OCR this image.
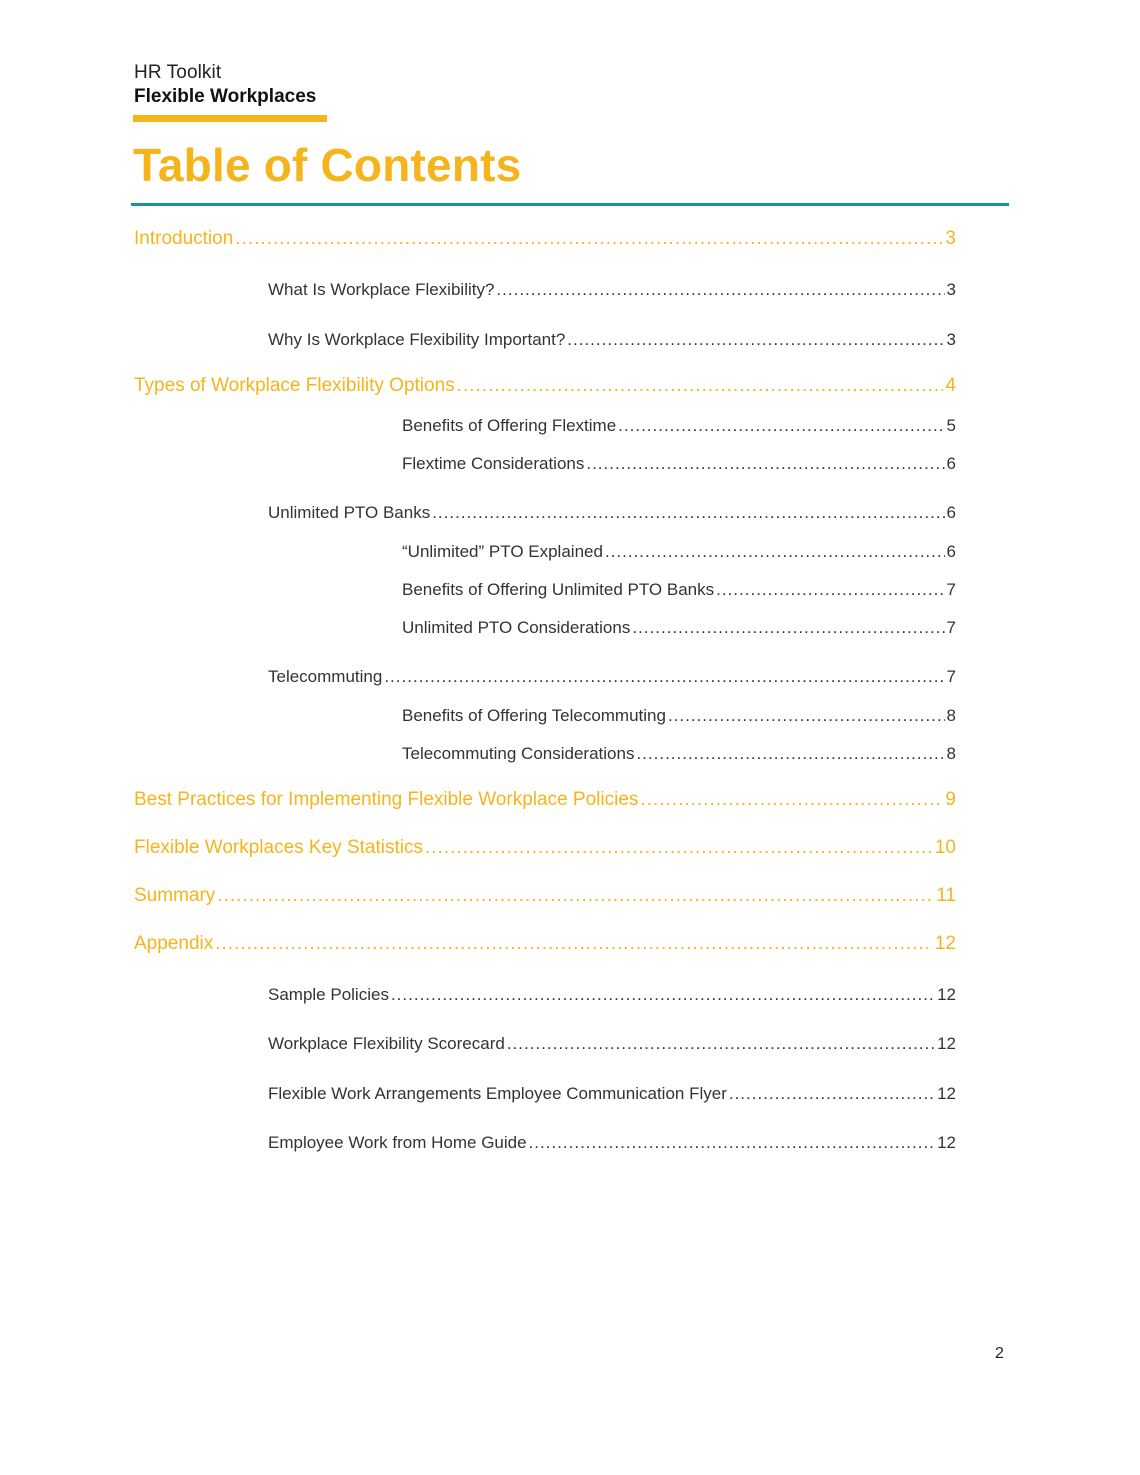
HR Toolkit
Flexible Workplaces
Table of Contents
Introduction .....	3
What Is Workplace Flexibility? .....	3
Why Is Workplace Flexibility Important? .....	3
Types of Workplace Flexibility Options .....	4
Benefits of Offering Flextime .....	5
Flextime Considerations .....	6
Unlimited PTO Banks .....	6
“Unlimited” PTO Explained .....	6
Benefits of Offering Unlimited PTO Banks .....	7
Unlimited PTO Considerations .....	7
Telecommuting .....	7
Benefits of Offering Telecommuting .....	8
Telecommuting Considerations .....	8
Best Practices for Implementing Flexible Workplace Policies .....	9
Flexible Workplaces Key Statistics .....	10
Summary .....	11
Appendix .....	12
Sample Policies .....	12
Workplace Flexibility Scorecard .....	12
Flexible Work Arrangements Employee Communication Flyer .....	12
Employee Work from Home Guide .....	12
2
